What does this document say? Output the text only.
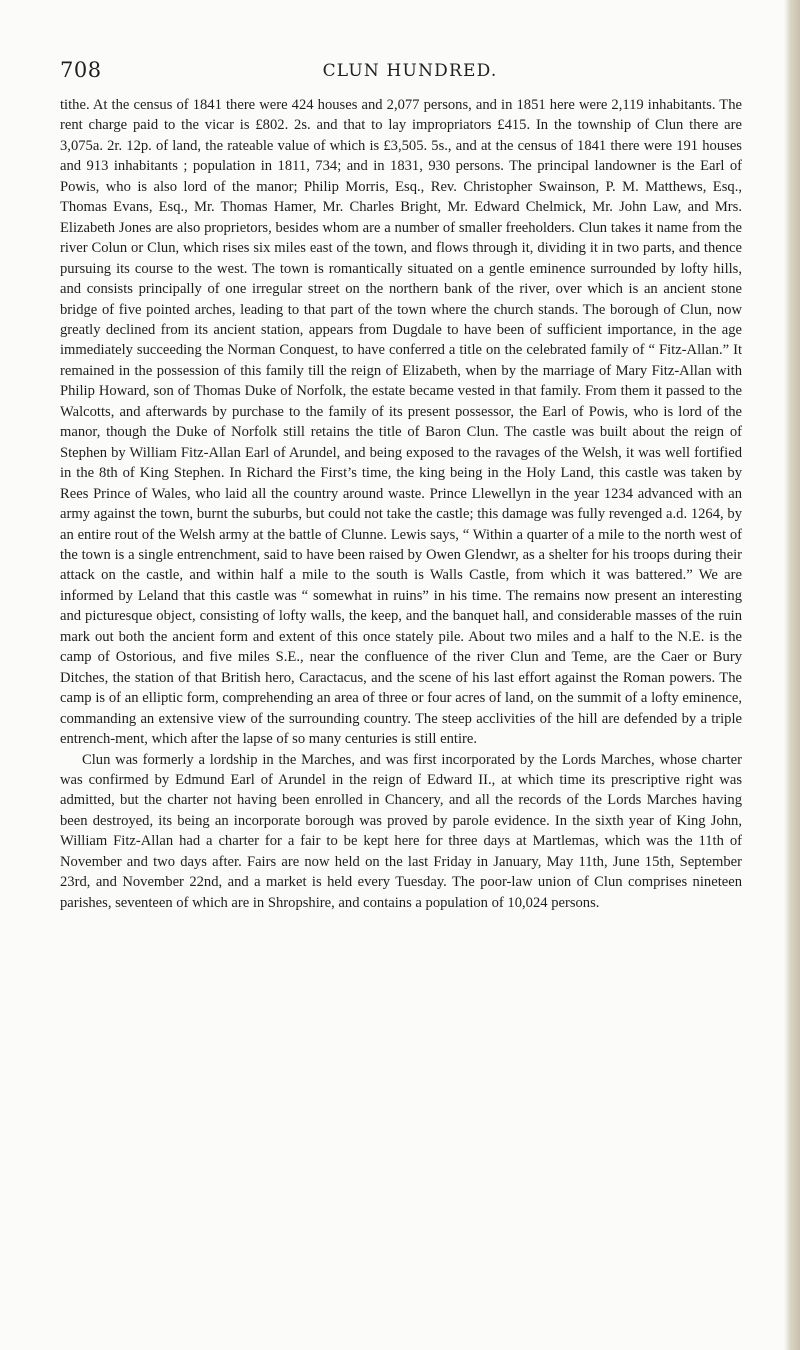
708	CLUN HUNDRED.

tithe. At the census of 1841 there were 424 houses and 2,077 persons, and in 1851 here were 2,119 inhabitants. The rent charge paid to the vicar is £802. 2s. and that to lay impropriators £415. In the township of Clun there are 3,075a. 2r. 12p. of land, the rateable value of which is £3,505. 5s., and at the census of 1841 there were 191 houses and 913 inhabitants ; population in 1811, 734; and in 1831, 930 persons. The principal landowner is the Earl of Powis, who is also lord of the manor; Philip Morris, Esq., Rev. Christopher Swainson, P. M. Matthews, Esq., Thomas Evans, Esq., Mr. Thomas Hamer, Mr. Charles Bright, Mr. Edward Chelmick, Mr. John Law, and Mrs. Elizabeth Jones are also proprietors, besides whom are a number of smaller freeholders. Clun takes it name from the river Colun or Clun, which rises six miles east of the town, and flows through it, dividing it in two parts, and thence pursuing its course to the west. The town is romantically situated on a gentle eminence surrounded by lofty hills, and consists principally of one irregular street on the northern bank of the river, over which is an ancient stone bridge of five pointed arches, leading to that part of the town where the church stands. The borough of Clun, now greatly declined from its ancient station, appears from Dugdale to have been of sufficient importance, in the age immediately succeeding the Norman Conquest, to have conferred a title on the celebrated family of “ Fitz-Allan.” It remained in the possession of this family till the reign of Elizabeth, when by the marriage of Mary Fitz-Allan with Philip Howard, son of Thomas Duke of Norfolk, the estate became vested in that family. From them it passed to the Walcotts, and afterwards by purchase to the family of its present possessor, the Earl of Powis, who is lord of the manor, though the Duke of Norfolk still retains the title of Baron Clun. The castle was built about the reign of Stephen by William Fitz-Allan Earl of Arundel, and being exposed to the ravages of the Welsh, it was well fortified in the 8th of King Stephen. In Richard the First’s time, the king being in the Holy Land, this castle was taken by Rees Prince of Wales, who laid all the country around waste. Prince Llewellyn in the year 1234 advanced with an army against the town, burnt the suburbs, but could not take the castle; this damage was fully revenged a.d. 1264, by an entire rout of the Welsh army at the battle of Clunne. Lewis says, “ Within a quarter of a mile to the north west of the town is a single entrenchment, said to have been raised by Owen Glendwr, as a shelter for his troops during their attack on the castle, and within half a mile to the south is Walls Castle, from which it was battered.” We are informed by Leland that this castle was “ somewhat in ruins” in his time. The remains now present an interesting and picturesque object, consisting of lofty walls, the keep, and the banquet hall, and considerable masses of the ruin mark out both the ancient form and extent of this once stately pile. About two miles and a half to the N.E. is the camp of Ostorious, and five miles S.E., near the confluence of the river Clun and Teme, are the Caer or Bury Ditches, the station of that British hero, Caractacus, and the scene of his last effort against the Roman powers. The camp is of an elliptic form, comprehending an area of three or four acres of land, on the summit of a lofty eminence, commanding an extensive view of the surrounding country. The steep acclivities of the hill are defended by a triple entrench-ment, which after the lapse of so many centuries is still entire.

Clun was formerly a lordship in the Marches, and was first incorporated by the Lords Marches, whose charter was confirmed by Edmund Earl of Arundel in the reign of Edward II., at which time its prescriptive right was admitted, but the charter not having been enrolled in Chancery, and all the records of the Lords Marches having been destroyed, its being an incorporate borough was proved by parole evidence. In the sixth year of King John, William Fitz-Allan had a charter for a fair to be kept here for three days at Martlemas, which was the 11th of November and two days after. Fairs are now held on the last Friday in January, May 11th, June 15th, September 23rd, and November 22nd, and a market is held every Tuesday. The poor-law union of Clun comprises nineteen parishes, seventeen of which are in Shropshire, and contains a population of 10,024 persons.
